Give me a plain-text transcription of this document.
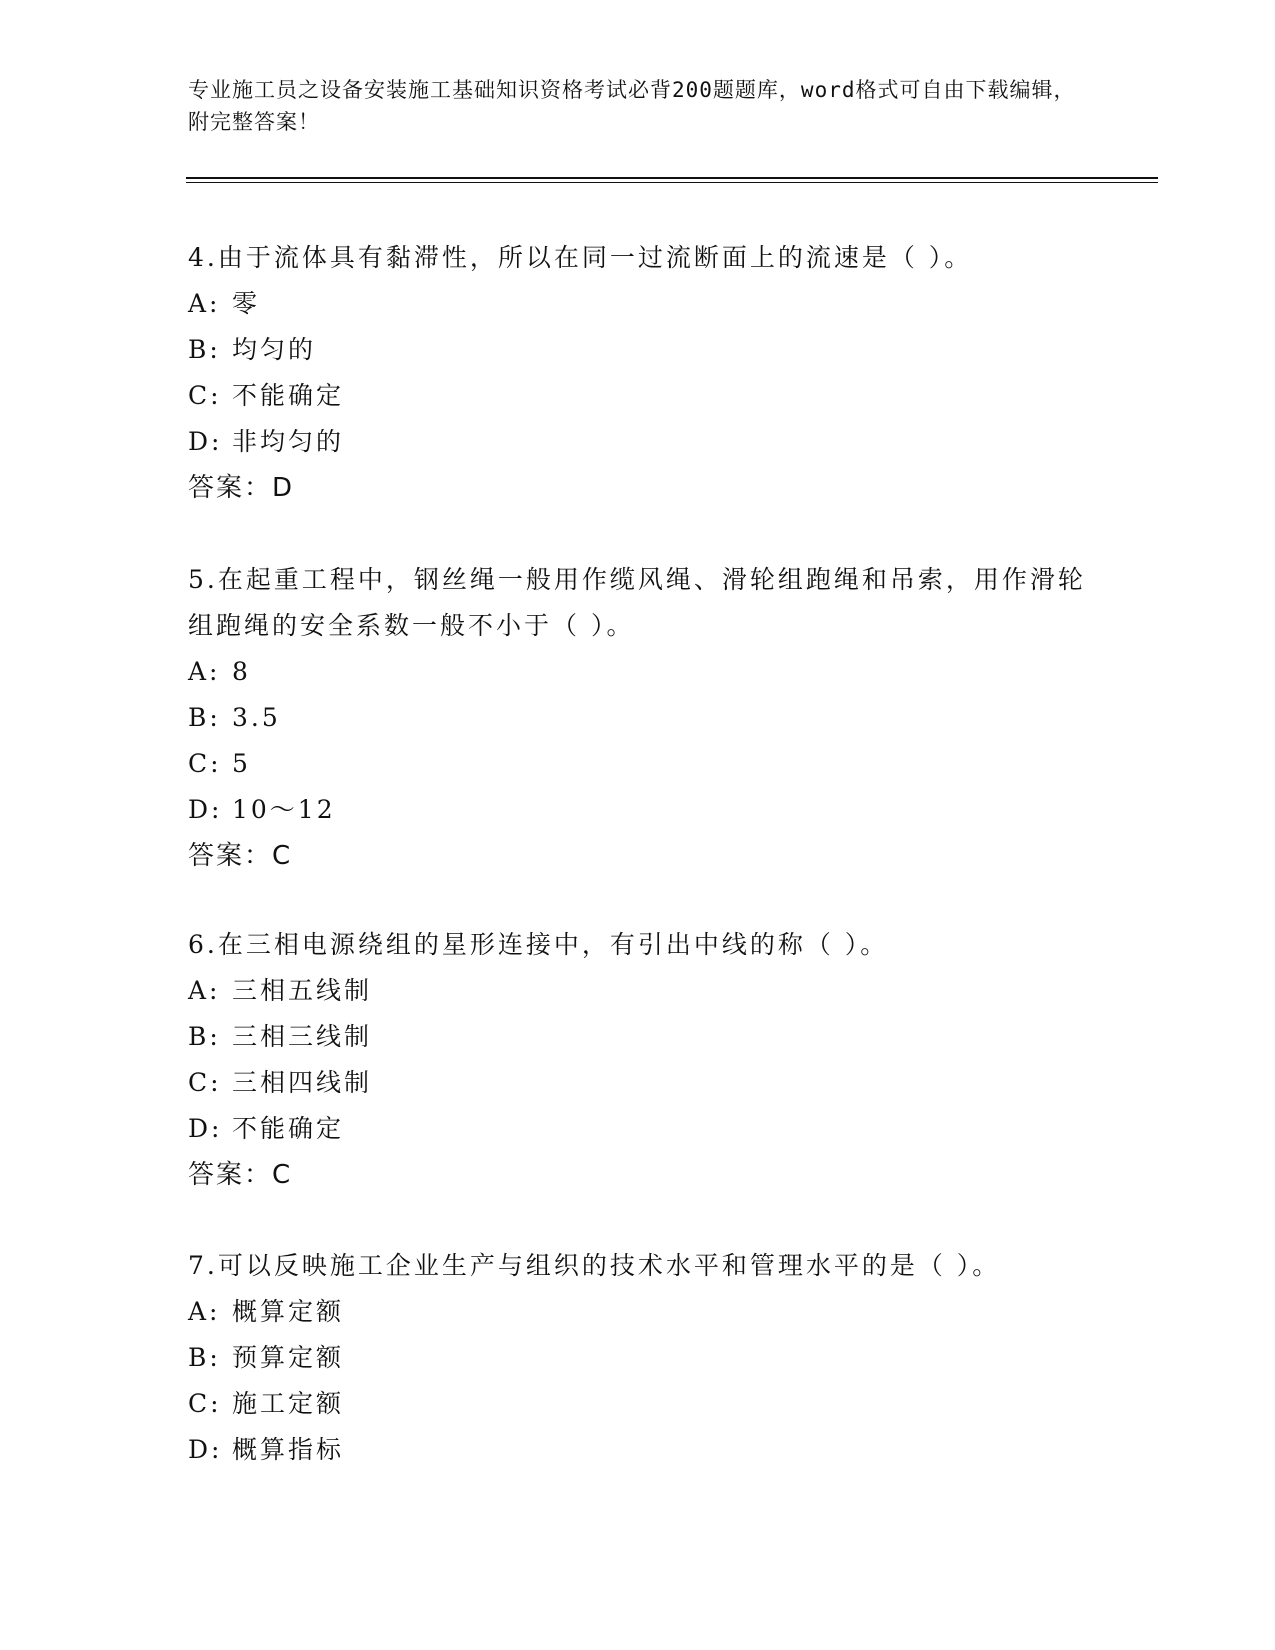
专业施工员之设备安装施工基础知识资格考试必背200题题库，word格式可自由下载编辑，附完整答案！

4.由于流体具有黏滞性，所以在同一过流断面上的流速是（ ）。

A: 零

B: 均匀的

C: 不能确定

D: 非均匀的

答案：D

5.在起重工程中，钢丝绳一般用作缆风绳、滑轮组跑绳和吊索，用作滑轮组跑绳的安全系数一般不小于（ ）。

A: 8

B: 3.5

C: 5

D: 10～12

答案：C

6.在三相电源绕组的星形连接中，有引出中线的称（ ）。

A: 三相五线制

B: 三相三线制

C: 三相四线制

D: 不能确定

答案：C

7.可以反映施工企业生产与组织的技术水平和管理水平的是（ ）。

A: 概算定额

B: 预算定额

C: 施工定额

D: 概算指标
